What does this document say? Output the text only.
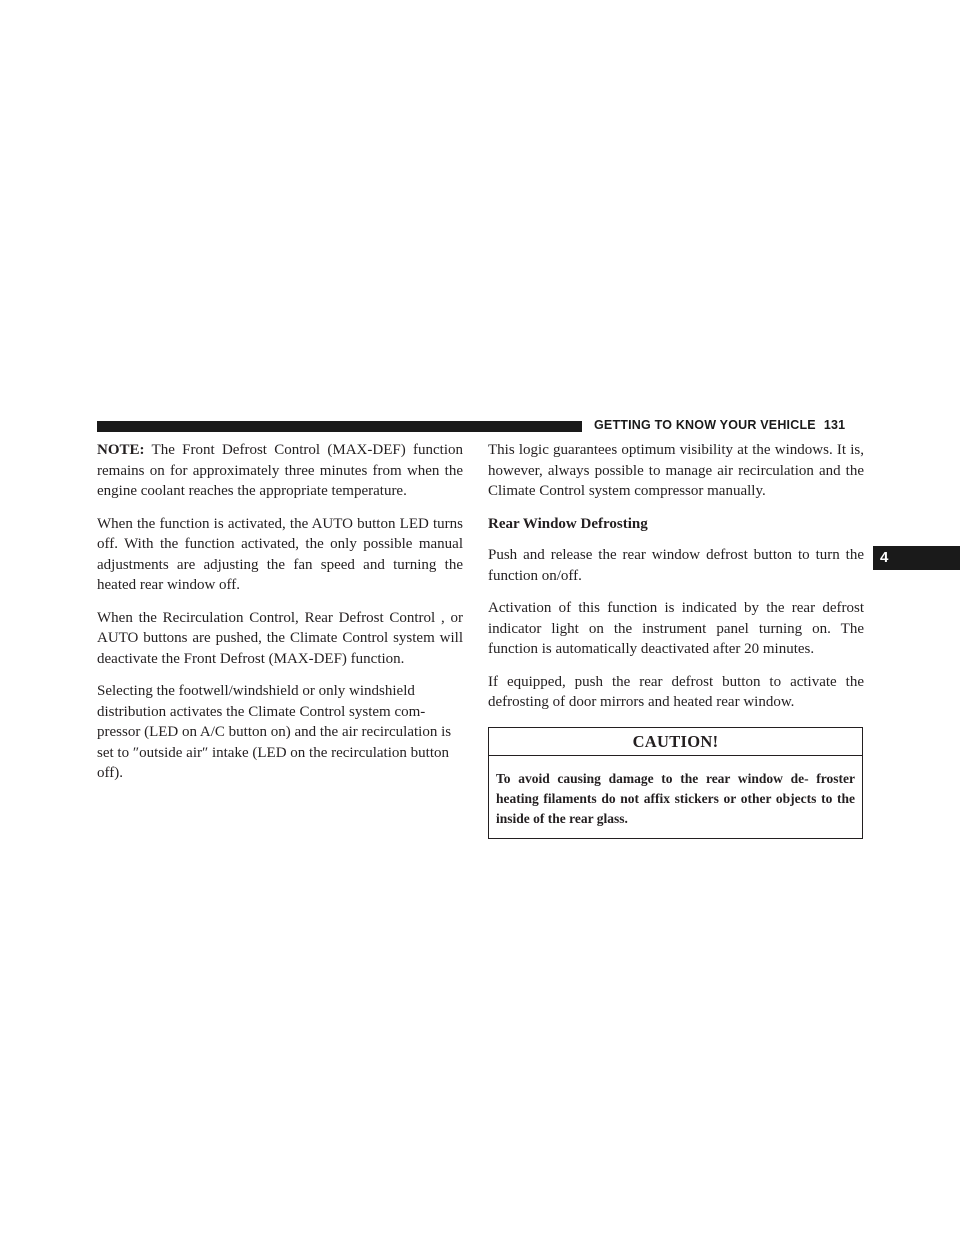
GETTING TO KNOW YOUR VEHICLE 131
4

NOTE: The Front Defrost Control (MAX-DEF) function remains on for approximately three minutes from when the engine coolant reaches the appropriate temperature.

When the function is activated, the AUTO button LED turns off. With the function activated, the only possible manual adjustments are adjusting the fan speed and turning the heated rear window off.

When the Recirculation Control, Rear Defrost Control , or AUTO buttons are pushed, the Climate Control system will deactivate the Front Defrost (MAX-DEF) function.

Selecting the footwell/windshield or only windshield distribution activates the Climate Control system com- pressor (LED on A/C button on) and the air recirculation is set to ″outside air″ intake (LED on the recirculation button off).

This logic guarantees optimum visibility at the windows. It is, however, always possible to manage air recirculation and the Climate Control system compressor manually.

Rear Window Defrosting

Push and release the rear window defrost button to turn the function on/off.

Activation of this function is indicated by the rear defrost indicator light on the instrument panel turning on. The function is automatically deactivated after 20 minutes.

If equipped, push the rear defrost button to activate the defrosting of door mirrors and heated rear window.

CAUTION!
To avoid causing damage to the rear window de- froster heating filaments do not affix stickers or other objects to the inside of the rear glass.
